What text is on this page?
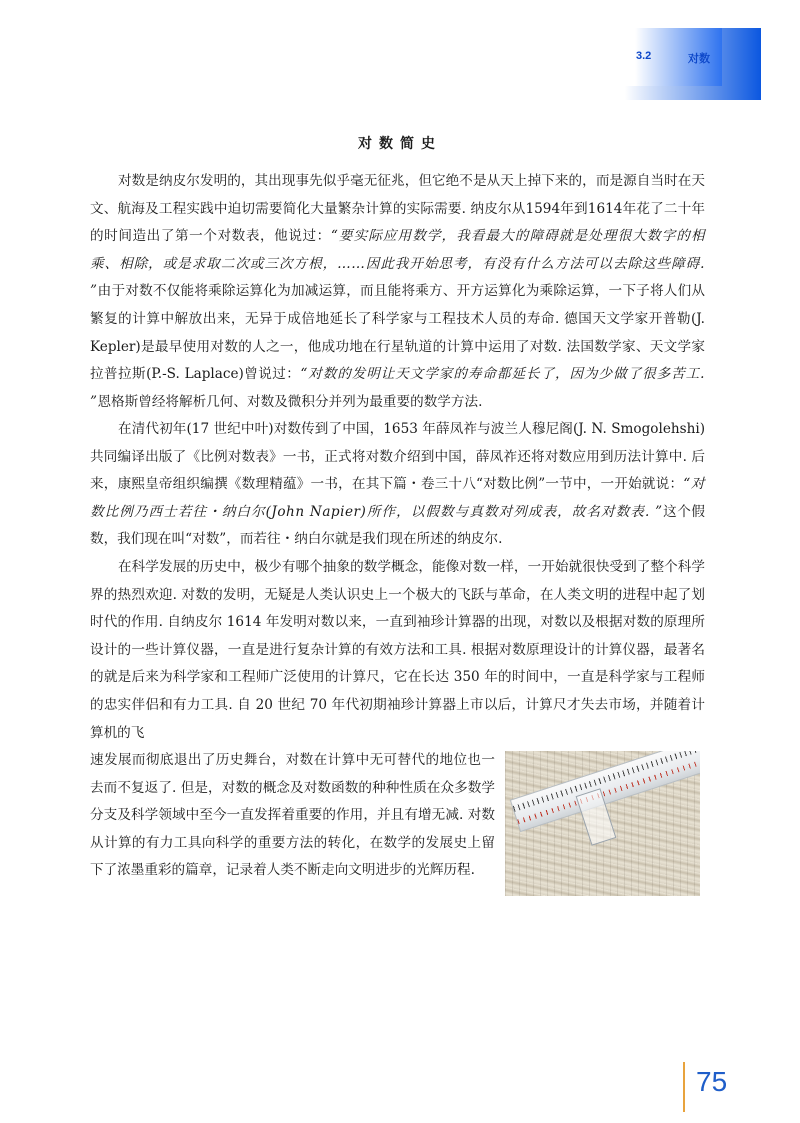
3.2	对数
对数简史
对数是纳皮尔发明的，其出现事先似乎毫无征兆，但它绝不是从天上掉下来的，而是源自当时在天文、航海及工程实践中迫切需要简化大量繁杂计算的实际需要. 纳皮尔从1594年到1614年花了二十年的时间造出了第一个对数表，他说过：“要实际应用数学，我看最大的障碍就是处理很大数字的相乘、相除，或是求取二次或三次方根，……因此我开始思考，有没有什么方法可以去除这些障碍. ”由于对数不仅能将乘除运算化为加减运算，而且能将乘方、开方运算化为乘除运算，一下子将人们从繁复的计算中解放出来，无异于成倍地延长了科学家与工程技术人员的寿命. 德国天文学家开普勒(J. Kepler)是最早使用对数的人之一，他成功地在行星轨道的计算中运用了对数. 法国数学家、天文学家拉普拉斯(P.-S. Laplace)曾说过：“对数的发明让天文学家的寿命都延长了，因为少做了很多苦工. ”恩格斯曾经将解析几何、对数及微积分并列为最重要的数学方法.
在清代初年(17 世纪中叶)对数传到了中国，1653 年薛凤祚与波兰人穆尼阁(J. N. Smogolehshi)共同编译出版了《比例对数表》一书，正式将对数介绍到中国，薛凤祚还将对数应用到历法计算中. 后来，康熙皇帝组织编撰《数理精蕴》一书，在其下篇・卷三十八“对数比例”一节中，一开始就说：“对数比例乃西士若往・纳白尔(John Napier)所作，以假数与真数对列成表，故名对数表. ”这个假数，我们现在叫“对数”，而若往・纳白尔就是我们现在所述的纳皮尔.
在科学发展的历史中，极少有哪个抽象的数学概念，能像对数一样，一开始就很快受到了整个科学界的热烈欢迎. 对数的发明，无疑是人类认识史上一个极大的飞跃与革命，在人类文明的进程中起了划时代的作用. 自纳皮尔 1614 年发明对数以来，一直到袖珍计算器的出现，对数以及根据对数的原理所设计的一些计算仪器，一直是进行复杂计算的有效方法和工具. 根据对数原理设计的计算仪器，最著名的就是后来为科学家和工程师广泛使用的计算尺，它在长达 350 年的时间中，一直是科学家与工程师的忠实伴侣和有力工具. 自 20 世纪 70 年代初期袖珍计算器上市以后，计算尺才失去市场，并随着计算机的飞
速发展而彻底退出了历史舞台，对数在计算中无可替代的地位也一去而不复返了. 但是，对数的概念及对数函数的种种性质在众多数学分支及科学领域中至今一直发挥着重要的作用，并且有增无减. 对数从计算的有力工具向科学的重要方法的转化，在数学的发展史上留下了浓墨重彩的篇章，记录着人类不断走向文明进步的光辉历程.
75
